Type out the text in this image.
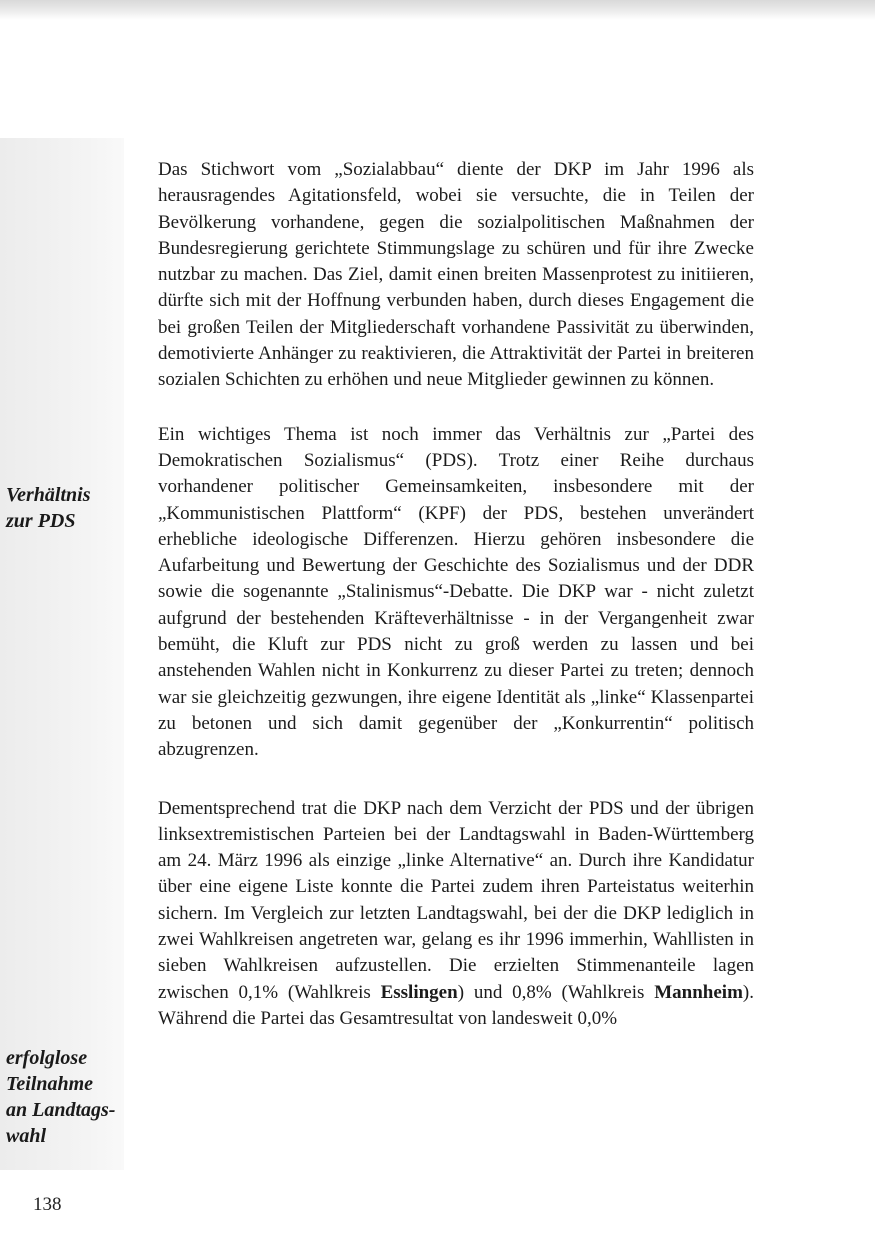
Verhältnis
zur PDS
erfolglose
Teilnahme
an Landtags-
wahl

Das Stichwort vom „Sozialabbau“ diente der DKP im Jahr 1996 als herausragendes Agitationsfeld, wobei sie versuchte, die in Teilen der Bevölkerung vorhandene, gegen die sozialpolitischen Maßnahmen der Bundesregierung gerichtete Stimmungslage zu schüren und für ihre Zwecke nutzbar zu machen. Das Ziel, damit einen breiten Massenprotest zu initiieren, dürfte sich mit der Hoffnung verbunden haben, durch dieses Engagement die bei großen Teilen der Mitgliederschaft vorhandene Passivität zu überwinden, demotivierte Anhänger zu reaktivieren, die Attraktivität der Partei in breiteren sozialen Schichten zu erhöhen und neue Mitglieder gewinnen zu können.

Ein wichtiges Thema ist noch immer das Verhältnis zur „Partei des Demokratischen Sozialismus“ (PDS). Trotz einer Reihe durchaus vorhandener politischer Gemeinsamkeiten, insbesondere mit der „Kommunistischen Plattform“ (KPF) der PDS, bestehen unverändert erhebliche ideologische Differenzen. Hierzu gehören insbesondere die Aufarbeitung und Bewertung der Geschichte des Sozialismus und der DDR sowie die sogenannte „Stalinismus“-Debatte. Die DKP war - nicht zuletzt aufgrund der bestehenden Kräfteverhältnisse - in der Vergangenheit zwar bemüht, die Kluft zur PDS nicht zu groß werden zu lassen und bei anstehenden Wahlen nicht in Konkurrenz zu dieser Partei zu treten; dennoch war sie gleichzeitig gezwungen, ihre eigene Identität als „linke“ Klassenpartei zu betonen und sich damit gegenüber der „Konkurrentin“ politisch abzugrenzen.

Dementsprechend trat die DKP nach dem Verzicht der PDS und der übrigen linksextremistischen Parteien bei der Landtagswahl in Baden-Württemberg am 24. März 1996 als einzige „linke Alternative“ an. Durch ihre Kandidatur über eine eigene Liste konnte die Partei zudem ihren Parteistatus weiterhin sichern. Im Vergleich zur letzten Landtagswahl, bei der die DKP lediglich in zwei Wahlkreisen angetreten war, gelang es ihr 1996 immerhin, Wahllisten in sieben Wahlkreisen aufzustellen. Die erzielten Stimmenanteile lagen zwischen 0,1% (Wahlkreis Esslingen) und 0,8% (Wahlkreis Mannheim). Während die Partei das Gesamtresultat von landesweit 0,0%

138
